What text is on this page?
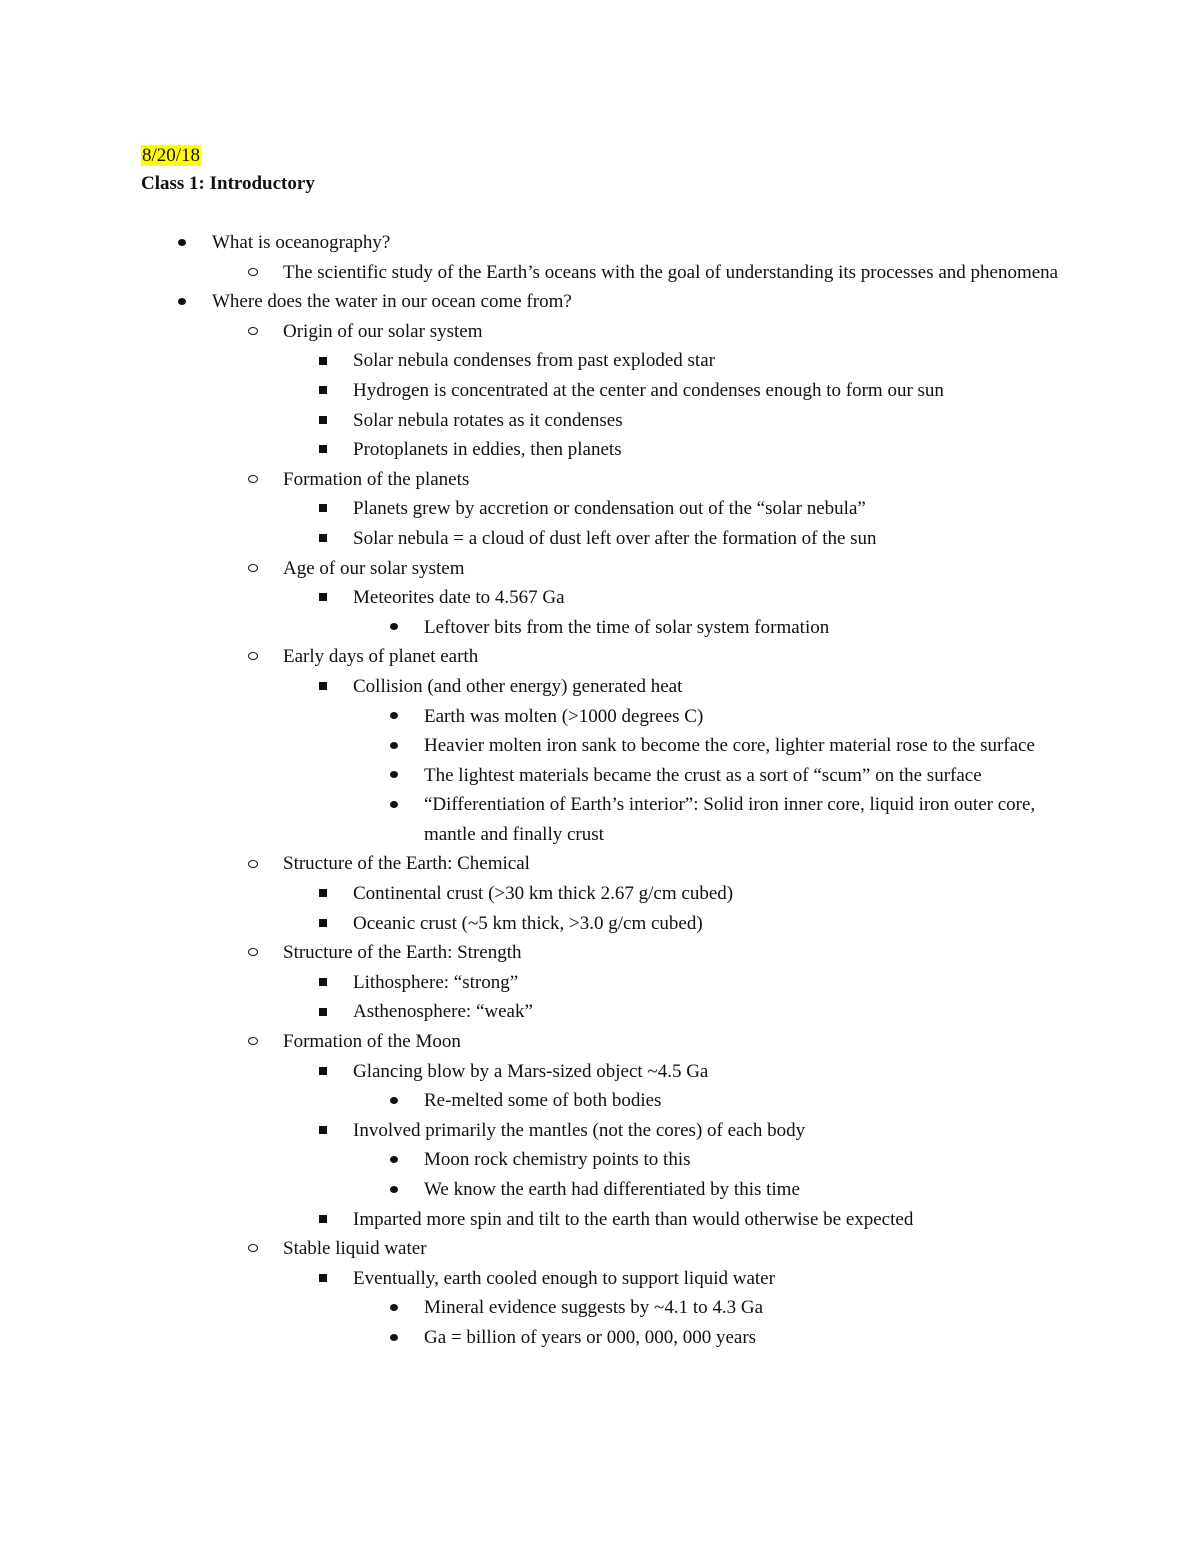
8/20/18
Class 1: Introductory
What is oceanography?
The scientific study of the Earth’s oceans with the goal of understanding its processes and phenomena
Where does the water in our ocean come from?
Origin of our solar system
Solar nebula condenses from past exploded star
Hydrogen is concentrated at the center and condenses enough to form our sun
Solar nebula rotates as it condenses
Protoplanets in eddies, then planets
Formation of the planets
Planets grew by accretion or condensation out of the “solar nebula”
Solar nebula = a cloud of dust left over after the formation of the sun
Age of our solar system
Meteorites date to 4.567 Ga
Leftover bits from the time of solar system formation
Early days of planet earth
Collision (and other energy) generated heat
Earth was molten (>1000 degrees C)
Heavier molten iron sank to become the core, lighter material rose to the surface
The lightest materials became the crust as a sort of “scum” on the surface
“Differentiation of Earth’s interior”: Solid iron inner core, liquid iron outer core, mantle and finally crust
Structure of the Earth: Chemical
Continental crust (>30 km thick 2.67 g/cm cubed)
Oceanic crust (~5 km thick, >3.0 g/cm cubed)
Structure of the Earth: Strength
Lithosphere: “strong”
Asthenosphere: “weak”
Formation of the Moon
Glancing blow by a Mars-sized object ~4.5 Ga
Re-melted some of both bodies
Involved primarily the mantles (not the cores) of each body
Moon rock chemistry points to this
We know the earth had differentiated by this time
Imparted more spin and tilt to the earth than would otherwise be expected
Stable liquid water
Eventually, earth cooled enough to support liquid water
Mineral evidence suggests by ~4.1 to 4.3 Ga
Ga = billion of years or 000, 000, 000 years
